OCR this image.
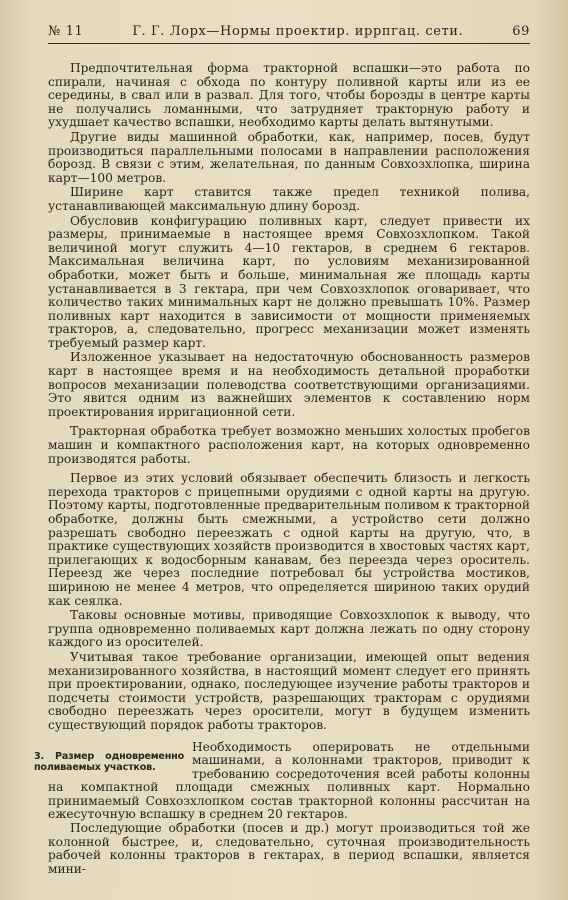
№ 11	Г. Г. Лорх—Нормы проектир. иррпгац. сети.	69

Предпочтительная форма тракторной вспашки—это работа по спирали, начиная с обхода по контуру поливной карты или из ее середины, в свал или в развал. Для того, чтобы борозды в центре карты не получались ломанными, что затрудняет тракторную работу и ухудшает качество вспашки, необходимо карты делать вытянутыми.

Другие виды машинной обработки, как, например, посев, будут производиться параллельными полосами в направлении расположения борозд. В связи с этим, желательная, по данным Совхозхлопка, ширина карт—100 метров.

Ширине карт ставится также предел техникой полива, устанавливающей максимальную длину борозд.

Обусловив конфигурацию поливных карт, следует привести их размеры, принимаемые в настоящее время Совхозхлопком. Такой величиной могут служить 4—10 гектаров, в среднем 6 гектаров. Максимальная величина карт, по условиям механизированной обработки, может быть и больше, минимальная же площадь карты устанавливается в 3 гектара, при чем Совхозхлопок оговаривает, что количество таких минимальных карт не должно превышать 10%. Размер поливных карт находится в зависимости от мощности применяемых тракторов, а, следовательно, прогресс механизации может изменять требуемый размер карт.

Изложенное указывает на недостаточную обоснованность размеров карт в настоящее время и на необходимость детальной проработки вопросов механизации полеводства соответствующими организациями. Это явится одним из важнейших элементов к составлению норм проектирования ирригационной сети.

Тракторная обработка требует возможно меньших холостых пробегов машин и компактного расположения карт, на которых одновременно производятся работы.

Первое из этих условий обязывает обеспечить близость и легкость перехода тракторов с прицепными орудиями с одной карты на другую. Поэтому карты, подготовленные предварительным поливом к тракторной обработке, должны быть смежными, а устройство сети должно разрешать свободно переезжать с одной карты на другую, что, в практике существующих хозяйств производится в хвостовых частях карт, прилегающих к водосборным канавам, без переезда через ороситель. Переезд же через последние потребовал бы устройства мостиков, шириною не менее 4 метров, что определяется шириною таких орудий как сеялка.

Таковы основные мотивы, приводящие Совхозхлопок к выводу, что группа одновременно поливаемых карт должна лежать по одну сторону каждого из оросителей.

Учитывая такое требование организации, имеющей опыт ведения механизированного хозяйства, в настоящий момент следует его принять при проектировании, однако, последующее изучение работы тракторов и подсчеты стоимости устройств, разрешающих тракторам с орудиями свободно переезжать через оросители, могут в будущем изменить существующий порядок работы тракторов.

3. Размер одновременно поливаемых участков.

Необходимость оперировать не отдельными машинами, а колоннами тракторов, приводит к требованию сосредоточения всей работы колонны на компактной площади смежных поливных карт. Нормально принимаемый Совхозхлопком состав тракторной колонны рассчитан на ежесуточную вспашку в среднем 20 гектаров.

Последующие обработки (посев и др.) могут производиться той же колонной быстрее, и, следовательно, суточная производительность рабочей колонны тракторов в гектарах, в период вспашки, является мини-
